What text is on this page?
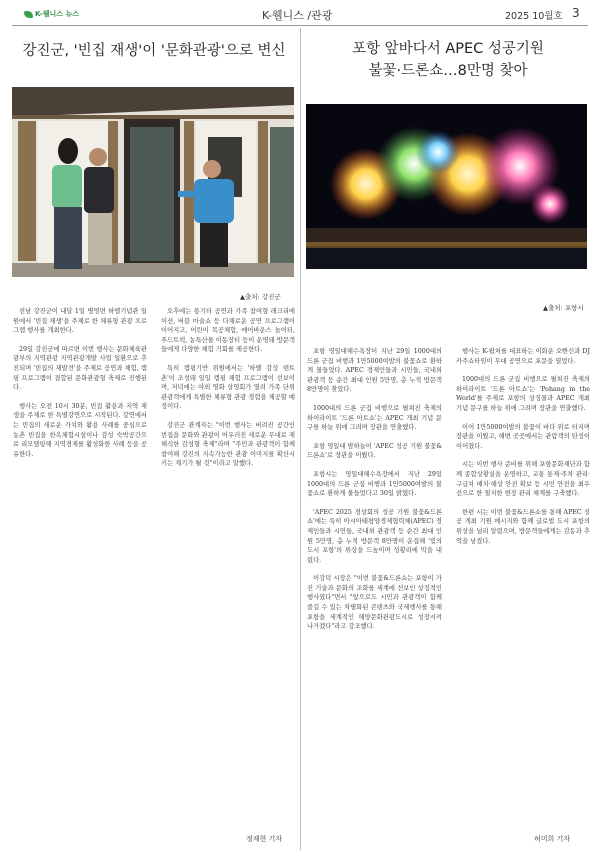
K-웰니스 뉴스	K-웰니스 /관광	2025 10월호 3
강진군, '빈집 재생'이 '문화관광'으로 변신
▲출처: 강진군

전남 강진군이 내달 1일 병영면 하멜기념관 일원에서 '빈집 재생'을 주제로 한 체류형 관광 프로그램 행사를 개최한다.

29일 강진군에 따르면 이번 행사는 문화체육관광부의 지역관광 지역관광개발 사업 일환으로 추진되며 '빈집의 재발견'을 주제로 공연과 체험, 캠핑 프로그램이 결합된 문화관광형 축제로 진행된다.

행사는 오전 10시 30분, 빈집 활용과 지역 재생을 주제로 한 특별강연으로 시작된다. 강연에서는 빈집의 새로운 가치와 활용 사례를 중심으로 농촌 빈집을 한옥체험시설이나 감성 숙박공간으로 리모델링해 지역경제를 활성화한 사례 등을 공유한다.

오후에는 통기타 공연과 가족 참여형 레크리에이션, 버블 마술쇼 등 다채로운 공연 프로그램이 이어지고, 어린이 목공체험, 에어바운스 놀이터, 푸드트럭, 농특산물 이동장터 등이 운영돼 방문객들에게 다양한 체험 기회를 제공한다.

특히 캠핑기반 위원에서는 '하멜 감성 텐트촌'이 조성돼 일일 캠핑 체험 프로그램이 선보이며, 저녁에는 야외 영화 상영회가 열려 가족 단위 관광객에게 특별한 체류형 관광 경험을 제공할 예정이다.

강진군 관계자는 "이번 행사는 버려진 공간인 빈집을 문화와 관광이 어우러진 새로운 무대로 재해석한 감성형 축제"라며 "주민과 관광객이 함께 참여해 강진의 지속가능한 관광 이미지를 확산시키는 계기가 될 것"이라고 말했다.

정재현 기자
포항 앞바다서 APEC 성공기원
불꽃·드론쇼…8만명 찾아
▲출처: 포항시

포항 영일대해수욕장이 지난 29일 1000대의 드론 군집 비행과 1만5000여발의 불꽃쇼로 환하게 물들었다. APEC 경제인들과 시민들, 국내외 관광객 등 순간 최대 인원 5만명, 총 누적 방문객 8만명이 찾았다.

1000대의 드론 군집 비행으로 펼쳐진 축제의 하이라이트 '드론 아트쇼'는 APEC 개최 기념 문구를 하늘 위에 그려며 장관을 연출했다.

포항 영일대 밤하늘이 'APEC 성공 기원 불꽃&드론쇼'로 장관을 이뤘다.

포항시는 영일대해수욕장에서 지난 29일 1000대의 드론 군집 비행과 1만5000여발의 불꽃쇼로 환하게 물들었다고 30일 밝혔다.

'APEC 2025 경상회의 성공 기원 불꽃&드론쇼'에는 특히 아시아태평양경제협력체(APEC) 경제인들과 시민들, 국내외 관광객 등 순간 최대 인원 5만명, 총 누적 방문객 8만명이 운집해 '빛의 도시 포항'의 위상을 드높이며 성황리에 막을 내렸다.

이강덕 시장은 "이번 불꽃&드론쇼는 포항이 가진 기술과 문화의 조화를 세계에 선보인 상징적인 행사였다"면서 "앞으로도 시민과 관광객이 함께 즐길 수 있는 차별화된 콘텐츠와 국제행사를 통해 포항을 세계적인 해양문화관광도시로 성장시켜 나가겠다"라고 강조했다.

행사는 K-팝처를 대표하는 이화운 오빤신과 DJ 카주쇼타임이 무대 공연으로 포문을 열었다.

1000대의 드론 군집 비행으로 펼쳐진 축제의 하이라이트 '드론 아트쇼'는 'Pohang in the World'를 주제로 포항의 상징물과 APEC 개최 기념 문구를 하늘 위에 그려며 장관을 연출했다.

이어 1만5000여발의 불꽃이 바다 위로 터지며 장관을 이뤘고, 해변 곳곳에서는 관람객의 탄성이 이어졌다.

시는 이번 행사 준비를 위해 포항문화재단과 함께 종합상황실을 운영하고, 교통 통제·주차 관리·구급차 배치·해상 안전 확보 등 시민 안전을 최우선으로 한 철저한 현장 관리 체계를 구축했다.

한편 시는 이번 불꽃&드론쇼를 통해 APEC 성공 개최 기원 메시지와 함께 글로벌 도시 포항의 위상을 널리 알렸으며, 방문객들에게는 감동과 추억을 남겼다.

허미희 기자
